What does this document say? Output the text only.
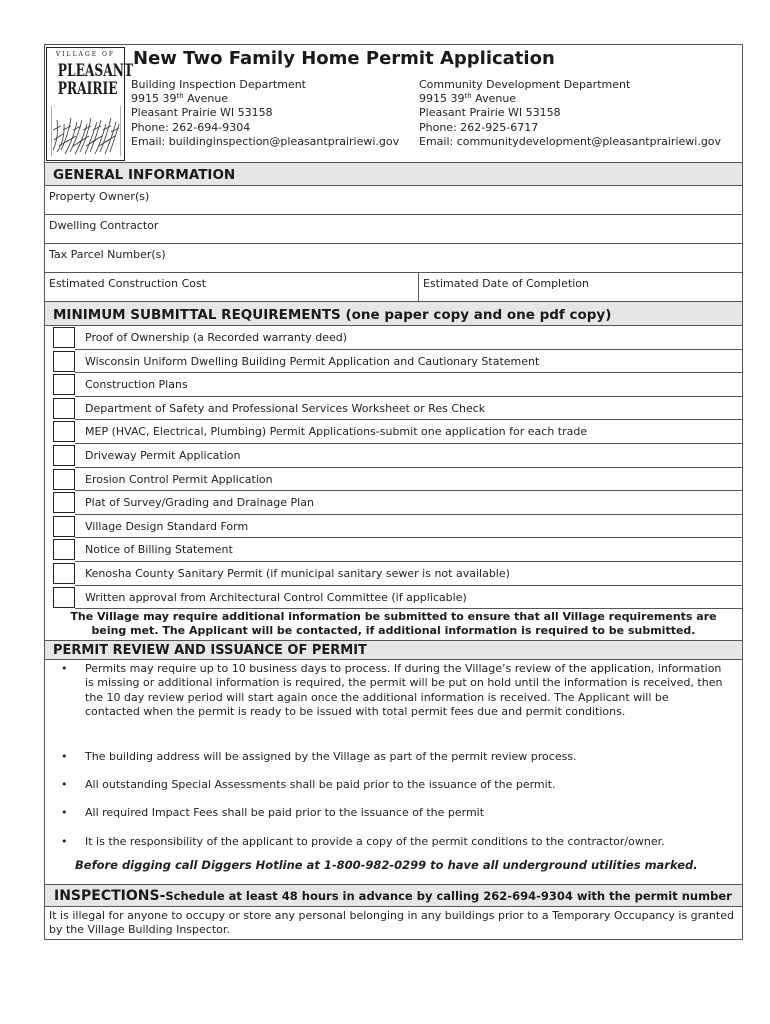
VILLAGE OF
PLEASANT
PRAIRIE
New Two Family Home Permit Application
Building Inspection Department
9915 39th Avenue
Pleasant Prairie WI 53158
Phone: 262-694-9304
Email: buildinginspection@pleasantprairiewi.gov
Community Development Department
9915 39th Avenue
Pleasant Prairie WI 53158
Phone: 262-925-6717
Email: communitydevelopment@pleasantprairiewi.gov
GENERAL INFORMATION
Property Owner(s)
Dwelling Contractor
Tax Parcel Number(s)
Estimated Construction Cost	Estimated Date of Completion
MINIMUM SUBMITTAL REQUIREMENTS (one paper copy and one pdf copy)
Proof of Ownership (a Recorded warranty deed)
Wisconsin Uniform Dwelling Building Permit Application and Cautionary Statement
Construction Plans
Department of Safety and Professional Services Worksheet or Res Check
MEP (HVAC, Electrical, Plumbing) Permit Applications-submit one application for each trade
Driveway Permit Application
Erosion Control Permit Application
Plat of Survey/Grading and Drainage Plan
Village Design Standard Form
Notice of Billing Statement
Kenosha County Sanitary Permit (if municipal sanitary sewer is not available)
Written approval from Architectural Control Committee (if applicable)
The Village may require additional information be submitted to ensure that all Village requirements are
being met. The Applicant will be contacted, if additional information is required to be submitted.
PERMIT REVIEW AND ISSUANCE OF PERMIT
Before digging call Diggers Hotline at 1-800-982-0299 to have all underground utilities marked.
• Permits may require up to 10 business days to process. If during the Village’s review of the application, information is missing or additional information is required, the permit will be put on hold until the information is received, then the 10 day review period will start again once the additional information is received. The Applicant will be contacted when the permit is ready to be issued with total permit fees due and permit conditions.
• The building address will be assigned by the Village as part of the permit review process.
• All outstanding Special Assessments shall be paid prior to the issuance of the permit.
• All required Impact Fees shall be paid prior to the issuance of the permit
• It is the responsibility of the applicant to provide a copy of the permit conditions to the contractor/owner.
INSPECTIONS-Schedule at least 48 hours in advance by calling 262-694-9304 with the permit number
It is illegal for anyone to occupy or store any personal belonging in any buildings prior to a Temporary Occupancy is granted by the Village Building Inspector.
